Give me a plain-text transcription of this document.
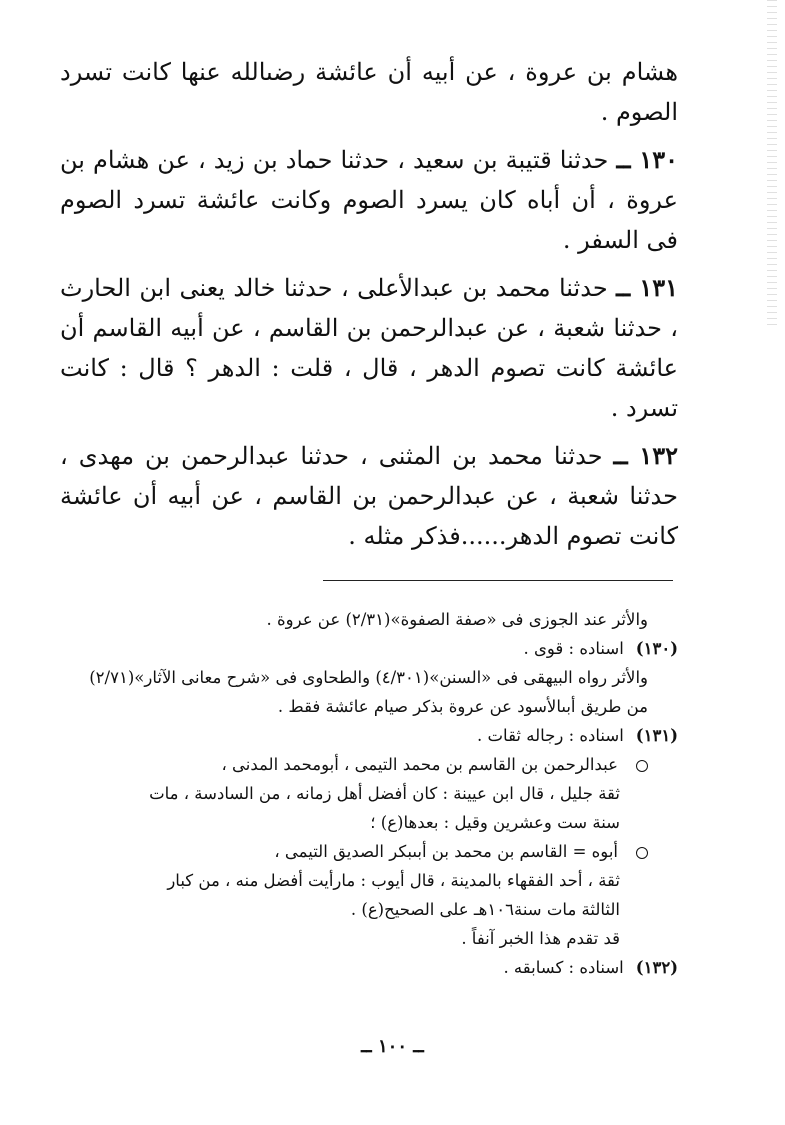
هشام بن عروة ، عن أبيه أن عائشة رضىالله عنها كانت تسرد الصوم .

١٣٠ ــ حدثنا قتيبة بن سعيد ، حدثنا حماد بن زيد ، عن هشام بن عروة ، أن أباه كان يسرد الصوم وكانت عائشة تسرد الصوم فى السفر .

١٣١ ــ حدثنا محمد بن عبدالأعلى ، حدثنا خالد يعنى ابن الحارث ، حدثنا شعبة ، عن عبدالرحمن بن القاسم ، عن أبيه القاسم أن عائشة كانت تصوم الدهر ، قال ، قلت : الدهر ؟ قال : كانت تسرد .

١٣٢ ــ حدثنا محمد بن المثنى ، حدثنا عبدالرحمن بن مهدى ، حدثنا شعبة ، عن عبدالرحمن بن القاسم ، عن أبيه أن عائشة كانت تصوم الدهر......فذكر مثله .

والأثر عند الجوزى فى «صفة الصفوة»(٢/٣١) عن عروة .
(١٣٠)اسناده : قوى .
والأثر رواه البيهقى فى «السنن»(٤/٣٠١) والطحاوى فى «شرح معانى الآثار»(٢/٧١)
من طريق أبىالأسود عن عروة بذكر صيام عائشة فقط .
(١٣١)اسناده : رجاله ثقات .
عبدالرحمن بن القاسم بن محمد التيمى ، أبومحمد المدنى ،
ثقة جليل ، قال ابن عيينة : كان أفضل أهل زمانه ، من السادسة ، مات
سنة ست وعشرين وقيل : بعدها(ع) ؛
أبوه = القاسم بن محمد بن أبىبكر الصديق التيمى ،
ثقة ، أحد الفقهاء بالمدينة ، قال أيوب : مارأيت أفضل منه ، من كبار
الثالثة مات سنة١٠٦هـ على الصحيح(ع) .
قد تقدم هذا الخبر آنفاً .
(١٣٢)اسناده : كسابقه .
ــ ١٠٠ ــ
